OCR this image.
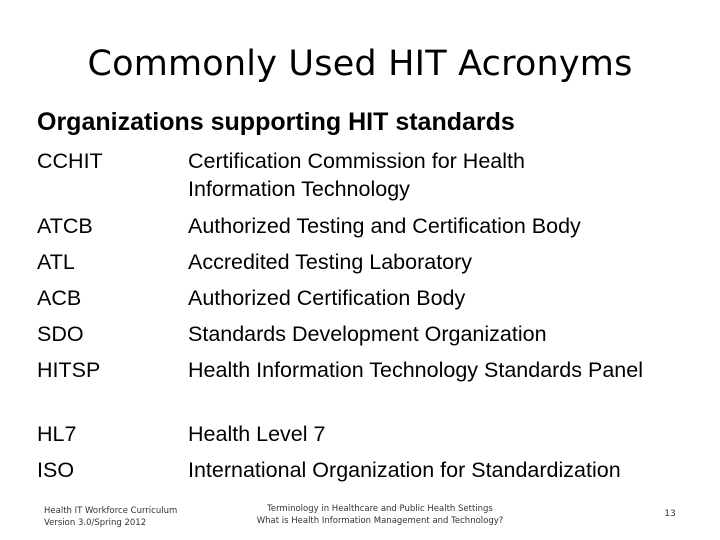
Commonly Used HIT Acronyms
Organizations supporting HIT standards
CCHIT	Certification Commission for Health Information Technology
ATCB	Authorized Testing and Certification Body
ATL	Accredited Testing Laboratory
ACB	Authorized Certification Body
SDO	Standards Development Organization
HITSP	Health Information Technology Standards Panel
HL7	Health Level 7
ISO	International Organization for Standardization
Health IT Workforce Curriculum
Version 3.0/Spring 2012
Terminology in Healthcare and Public Health Settings
What is Health Information Management and Technology?
13
